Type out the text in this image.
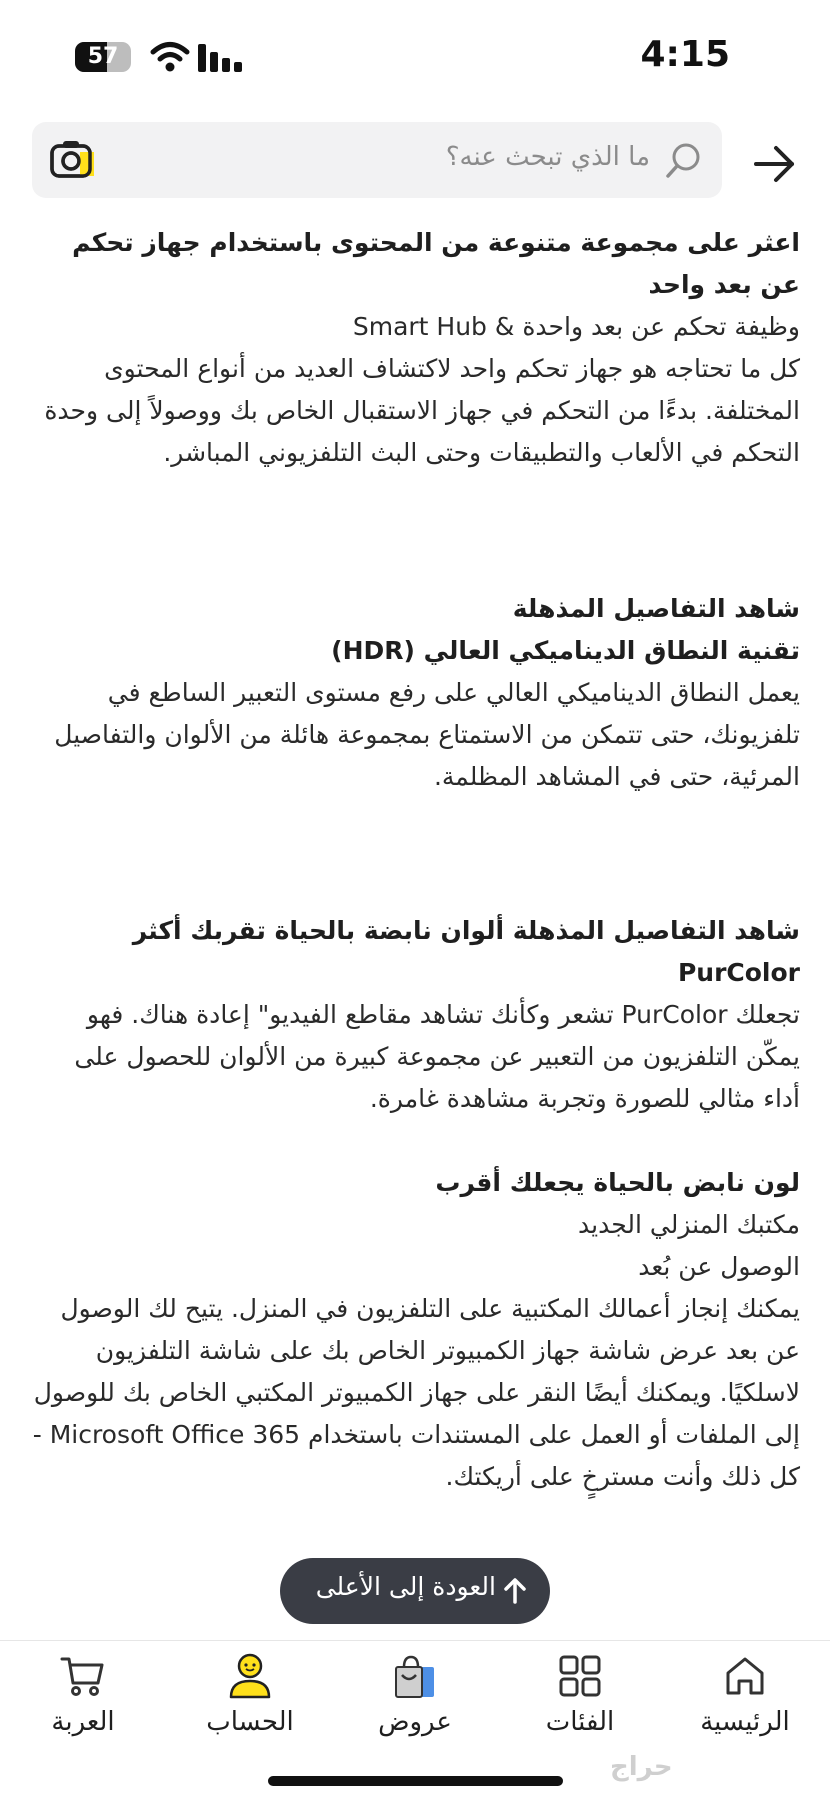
57	4:15
ما الذي تبحث عنه؟

اعثر على مجموعة متنوعة من المحتوى باستخدام جهاز تحكم عن بعد واحد

وظيفة تحكم عن بعد واحدة & Smart Hub

كل ما تحتاجه هو جهاز تحكم واحد لاكتشاف العديد من أنواع المحتوى المختلفة. بدءًا من التحكم في جهاز الاستقبال الخاص بك ووصولاً إلى وحدة التحكم في الألعاب والتطبيقات وحتى البث التلفزيوني المباشر.

شاهد التفاصيل المذهلة

تقنية النطاق الديناميكي العالي (HDR)

يعمل النطاق الديناميكي العالي على رفع مستوى التعبير الساطع في تلفزيونك، حتى تتمكن من الاستمتاع بمجموعة هائلة من الألوان والتفاصيل المرئية، حتى في المشاهد المظلمة.

شاهد التفاصيل المذهلة ألوان نابضة بالحياة تقربك أكثر PurColor

تجعلك PurColor تشعر وكأنك تشاهد مقاطع الفيديو" إعادة هناك. فهو يمكّن التلفزيون من التعبير عن مجموعة كبيرة من الألوان للحصول على أداء مثالي للصورة وتجربة مشاهدة غامرة.

لون نابض بالحياة يجعلك أقرب

مكتبك المنزلي الجديد

الوصول عن بُعد

يمكنك إنجاز أعمالك المكتبية على التلفزيون في المنزل. يتيح لك الوصول عن بعد عرض شاشة جهاز الكمبيوتر الخاص بك على شاشة التلفزيون لاسلكيًا. ويمكنك أيضًا النقر على جهاز الكمبيوتر المكتبي الخاص بك للوصول إلى الملفات أو العمل على المستندات باستخدام Microsoft Office 365 - كل ذلك وأنت مسترخٍ على أريكتك.

العودة إلى الأعلى
الرئيسية
الفئات
عروض
الحساب
العربة
حراج
